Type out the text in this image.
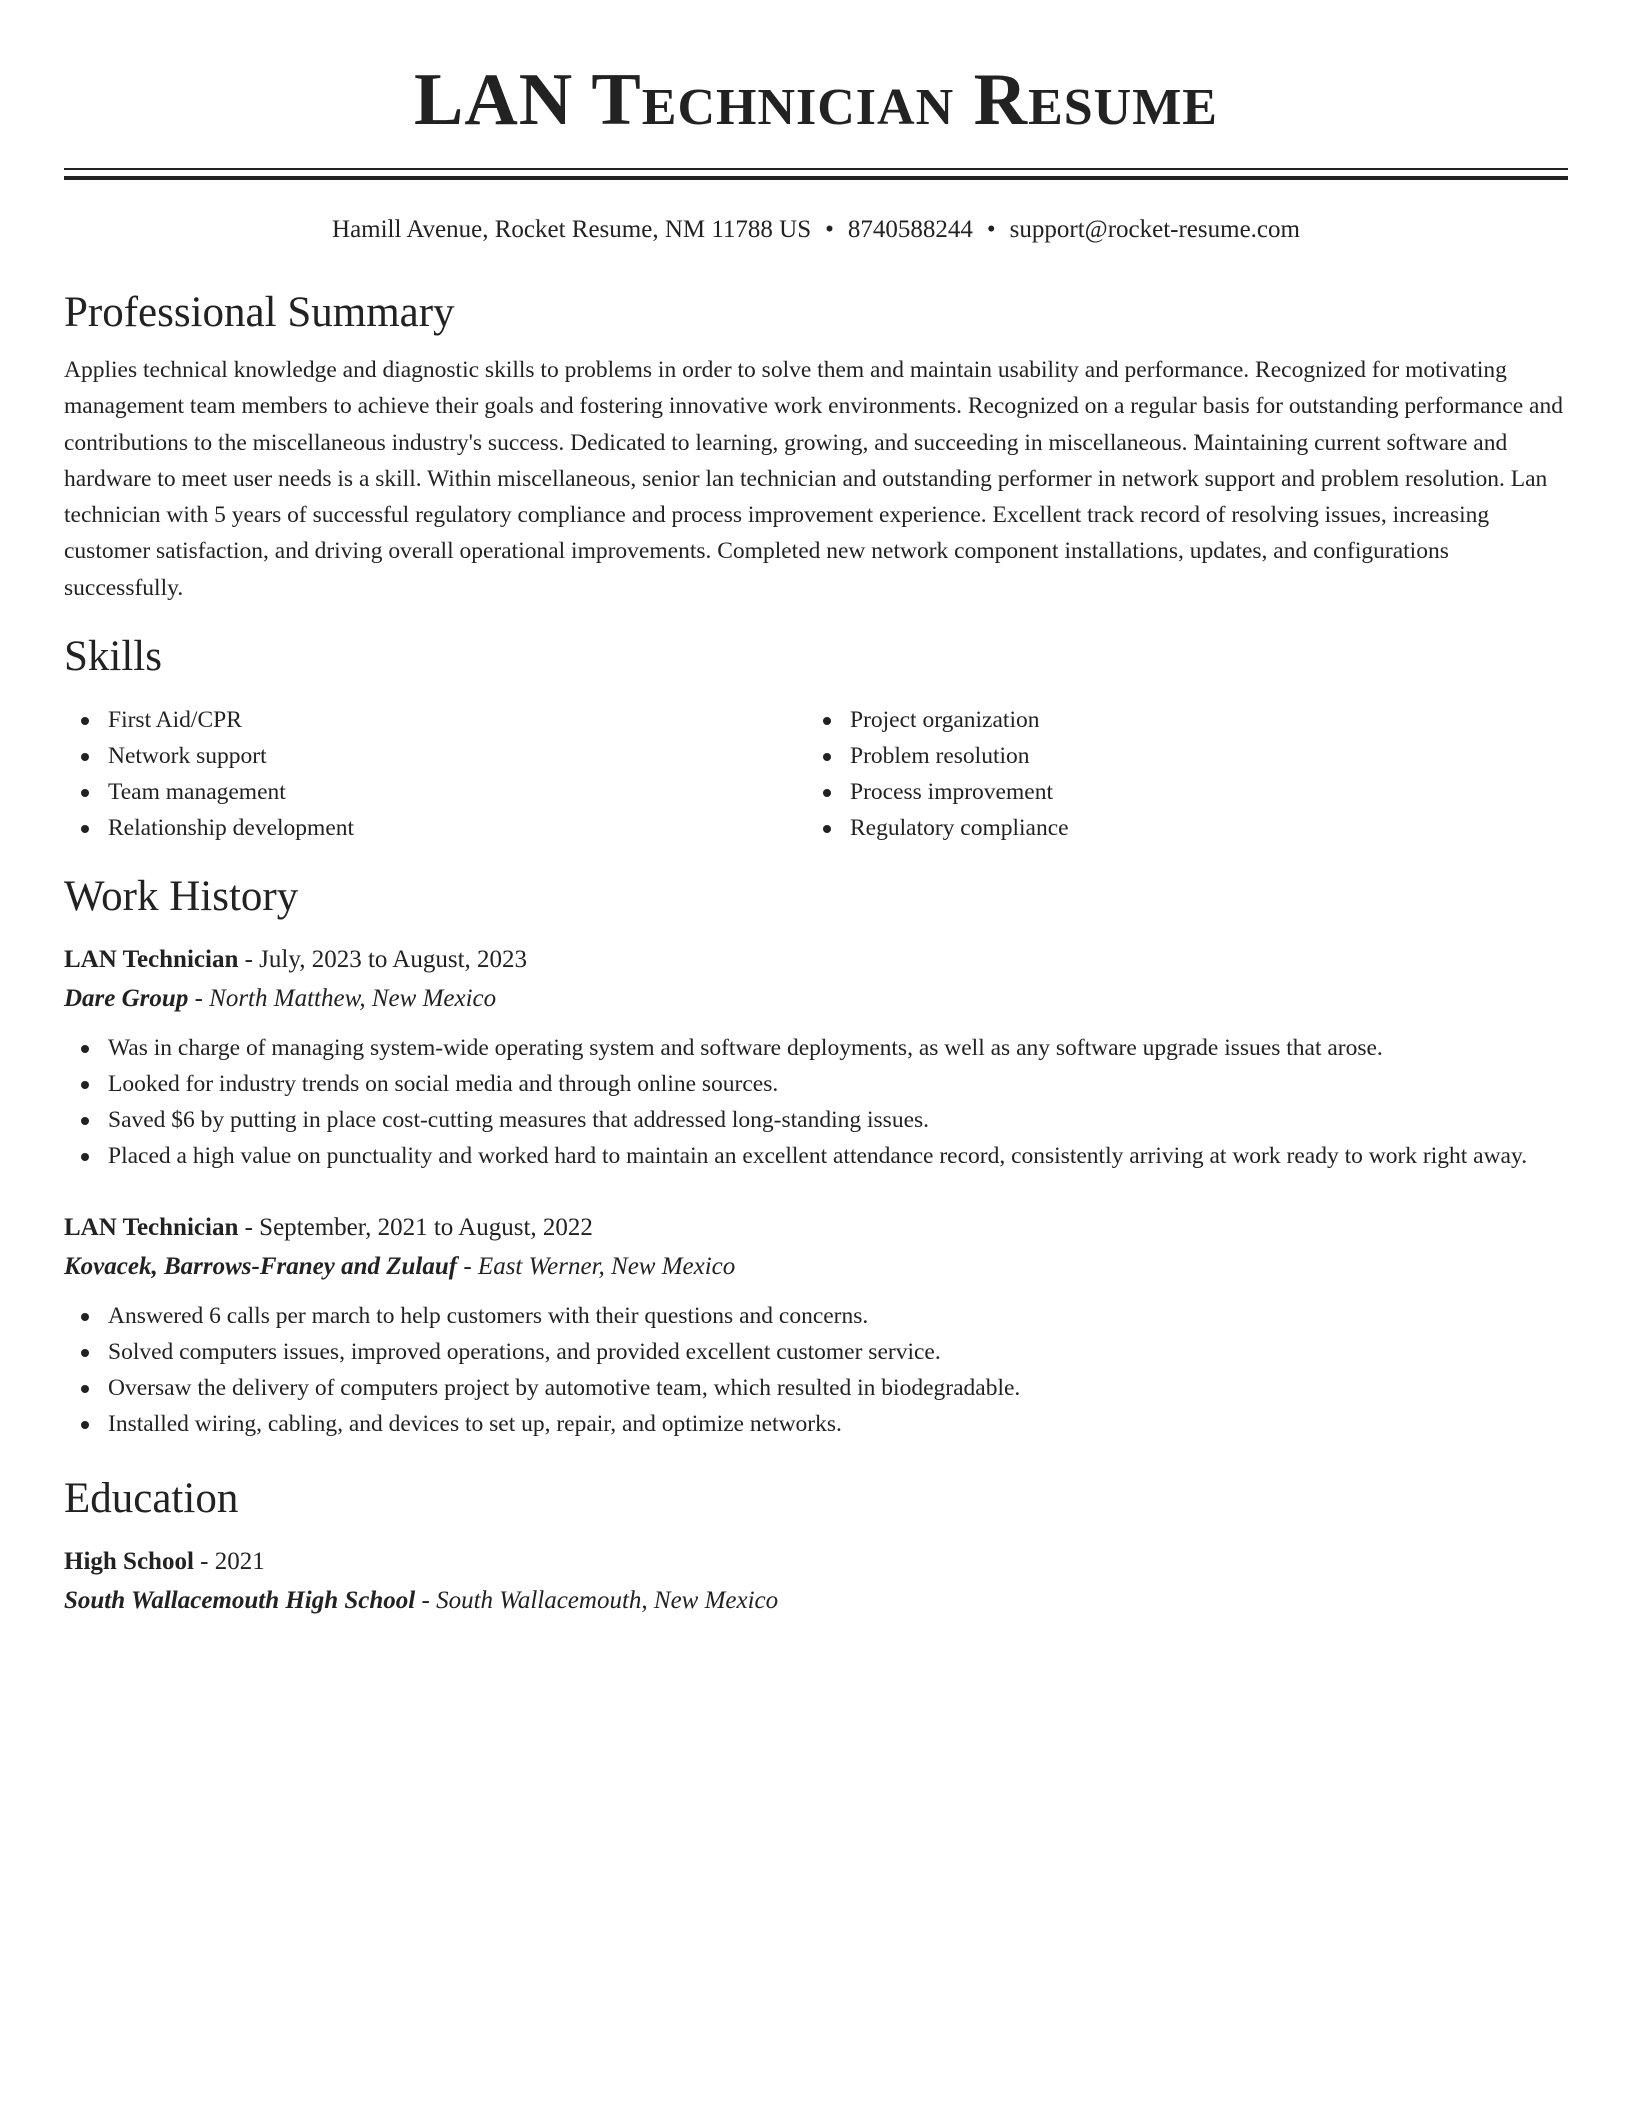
LAN Technician Resume
Hamill Avenue, Rocket Resume, NM 11788 US • 8740588244 • support@rocket-resume.com
Professional Summary

Applies technical knowledge and diagnostic skills to problems in order to solve them and maintain usability and performance. Recognized for motivating management team members to achieve their goals and fostering innovative work environments. Recognized on a regular basis for outstanding performance and contributions to the miscellaneous industry's success. Dedicated to learning, growing, and succeeding in miscellaneous. Maintaining current software and hardware to meet user needs is a skill. Within miscellaneous, senior lan technician and outstanding performer in network support and problem resolution. Lan technician with 5 years of successful regulatory compliance and process improvement experience. Excellent track record of resolving issues, increasing customer satisfaction, and driving overall operational improvements. Completed new network component installations, updates, and configurations successfully.

Skills
First Aid/CPR
Network support
Team management
Relationship development
Project organization
Problem resolution
Process improvement
Regulatory compliance
Work History
LAN Technician - July, 2023 to August, 2023
Dare Group - North Matthew, New Mexico
Was in charge of managing system-wide operating system and software deployments, as well as any software upgrade issues that arose.
Looked for industry trends on social media and through online sources.
Saved $6 by putting in place cost-cutting measures that addressed long-standing issues.
Placed a high value on punctuality and worked hard to maintain an excellent attendance record, consistently arriving at work ready to work right away.
LAN Technician - September, 2021 to August, 2022
Kovacek, Barrows-Franey and Zulauf - East Werner, New Mexico
Answered 6 calls per march to help customers with their questions and concerns.
Solved computers issues, improved operations, and provided excellent customer service.
Oversaw the delivery of computers project by automotive team, which resulted in biodegradable.
Installed wiring, cabling, and devices to set up, repair, and optimize networks.
Education
High School - 2021
South Wallacemouth High School - South Wallacemouth, New Mexico
